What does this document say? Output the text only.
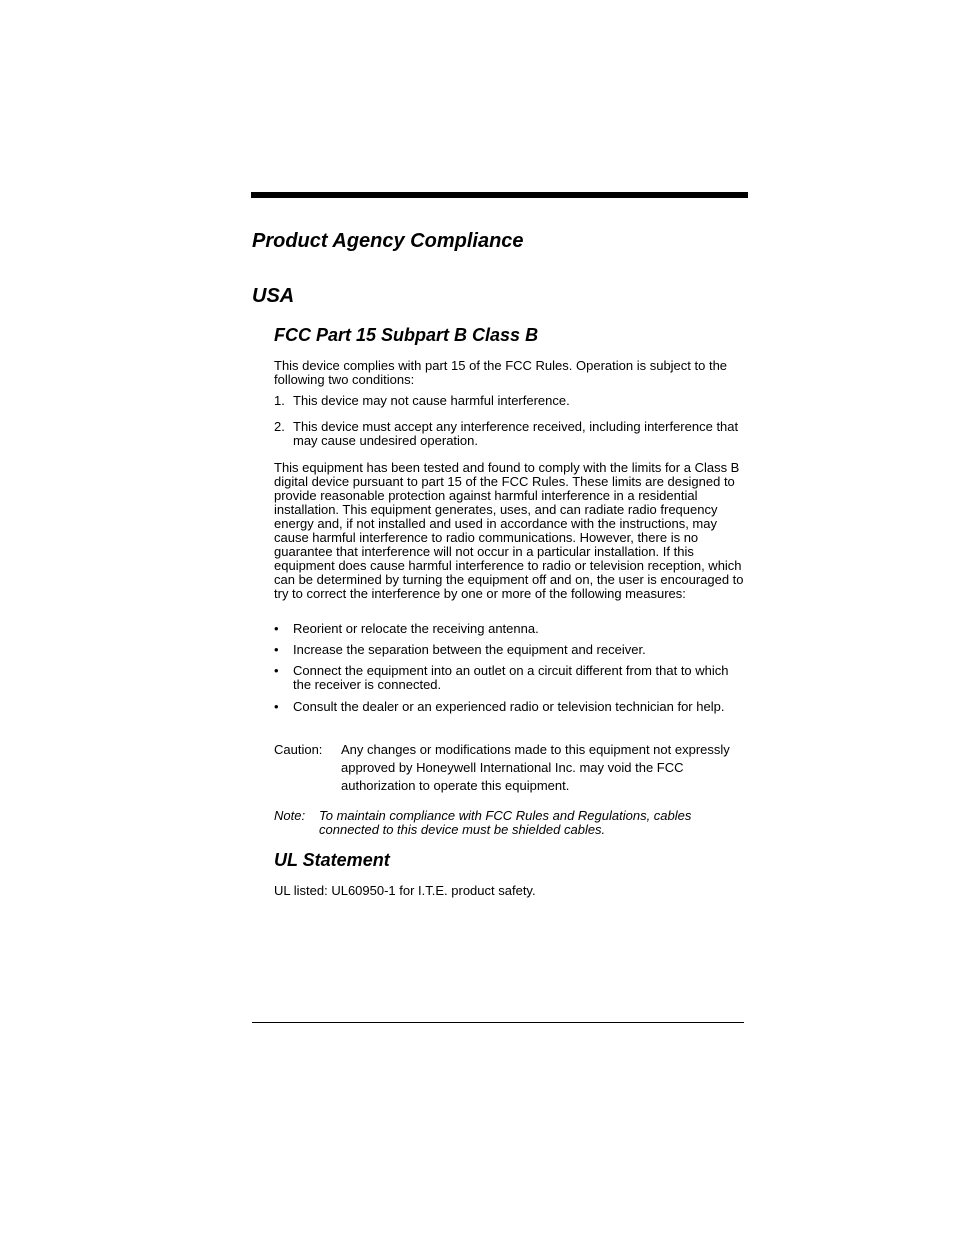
Product Agency Compliance
USA
FCC Part 15 Subpart B Class B

This device complies with part 15 of the FCC Rules. Operation is subject to the following two conditions:

1. This device may not cause harmful interference.
2. This device must accept any interference received, including interference that may cause undesired operation.

This equipment has been tested and found to comply with the limits for a Class B digital device pursuant to part 15 of the FCC Rules. These limits are designed to provide reasonable protection against harmful interference in a residential installation. This equipment generates, uses, and can radiate radio frequency energy and, if not installed and used in accordance with the instructions, may cause harmful interference to radio communications. However, there is no guarantee that interference will not occur in a particular installation. If this equipment does cause harmful interference to radio or television reception, which can be determined by turning the equipment off and on, the user is encouraged to try to correct the interference by one or more of the following measures:

• Reorient or relocate the receiving antenna.
• Increase the separation between the equipment and receiver.
• Connect the equipment into an outlet on a circuit different from that to which the receiver is connected.
• Consult the dealer or an experienced radio or television technician for help.
Caution: Any changes or modifications made to this equipment not expressly approved by Honeywell International Inc. may void the FCC authorization to operate this equipment.
Note: To maintain compliance with FCC Rules and Regulations, cables connected to this device must be shielded cables.
UL Statement

UL listed: UL60950-1 for I.T.E. product safety.
